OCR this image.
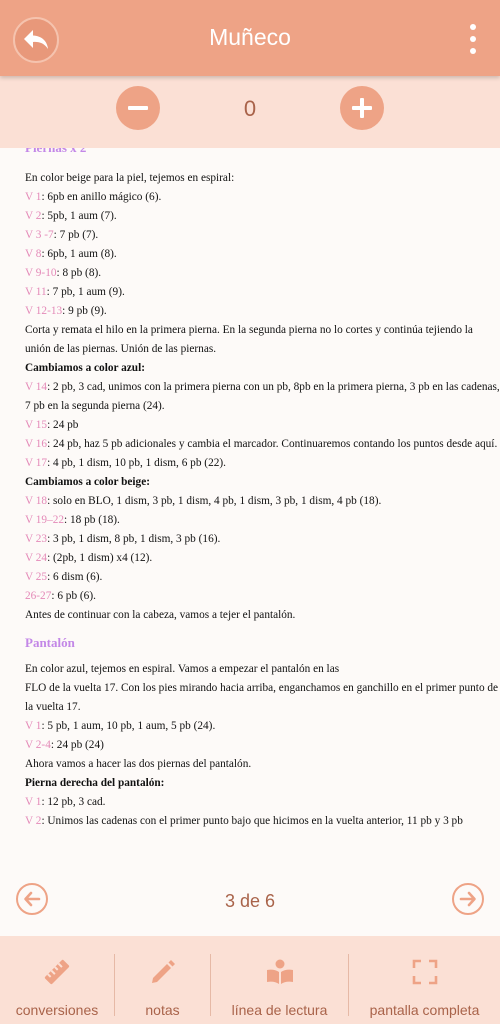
Muñeco
0

En color beige para la piel, tejemos en espiral:

V 1: 6pb en anillo mágico (6).

V 2: 5pb, 1 aum (7).

V 3 -7: 7 pb (7).

V 8: 6pb, 1 aum (8).

V 9-10: 8 pb (8).

V 11: 7 pb, 1 aum (9).

V 12-13: 9 pb (9).

Corta y remata el hilo en la primera pierna. En la segunda pierna no lo cortes y continúa tejiendo la unión de las piernas. Unión de las piernas.

Cambiamos a color azul:

V 14: 2 pb, 3 cad, unimos con la primera pierna con un pb, 8pb en la primera pierna, 3 pb en las cadenas, 7 pb en la segunda pierna (24).

V 15: 24 pb

V 16: 24 pb, haz 5 pb adicionales y cambia el marcador. Continuaremos contando los puntos desde aquí.

V 17: 4 pb, 1 dism, 10 pb, 1 dism, 6 pb (22).

Cambiamos a color beige:

V 18: solo en BLO, 1 dism, 3 pb, 1 dism, 4 pb, 1 dism, 3 pb, 1 dism, 4 pb (18).

V 19–22: 18 pb (18).

V 23: 3 pb, 1 dism, 8 pb, 1 dism, 3 pb (16).

V 24: (2pb, 1 dism) x4 (12).

V 25: 6 dism (6).

26-27: 6 pb (6).

Antes de continuar con la cabeza, vamos a tejer el pantalón.

Pantalón

En color azul, tejemos en espiral. Vamos a empezar el pantalón en las

FLO de la vuelta 17. Con los pies mirando hacia arriba, enganchamos en ganchillo en el primer punto de la vuelta 17.

V 1: 5 pb, 1 aum, 10 pb, 1 aum, 5 pb (24).

V 2-4: 24 pb (24)

Ahora vamos a hacer las dos piernas del pantalón.

Pierna derecha del pantalón:

V 1: 12 pb, 3 cad.

V 2: Unimos las cadenas con el primer punto bajo que hicimos en la vuelta anterior, 11 pb y 3 pb

3 de 6
conversiones	notas	línea de lectura	pantalla completa
